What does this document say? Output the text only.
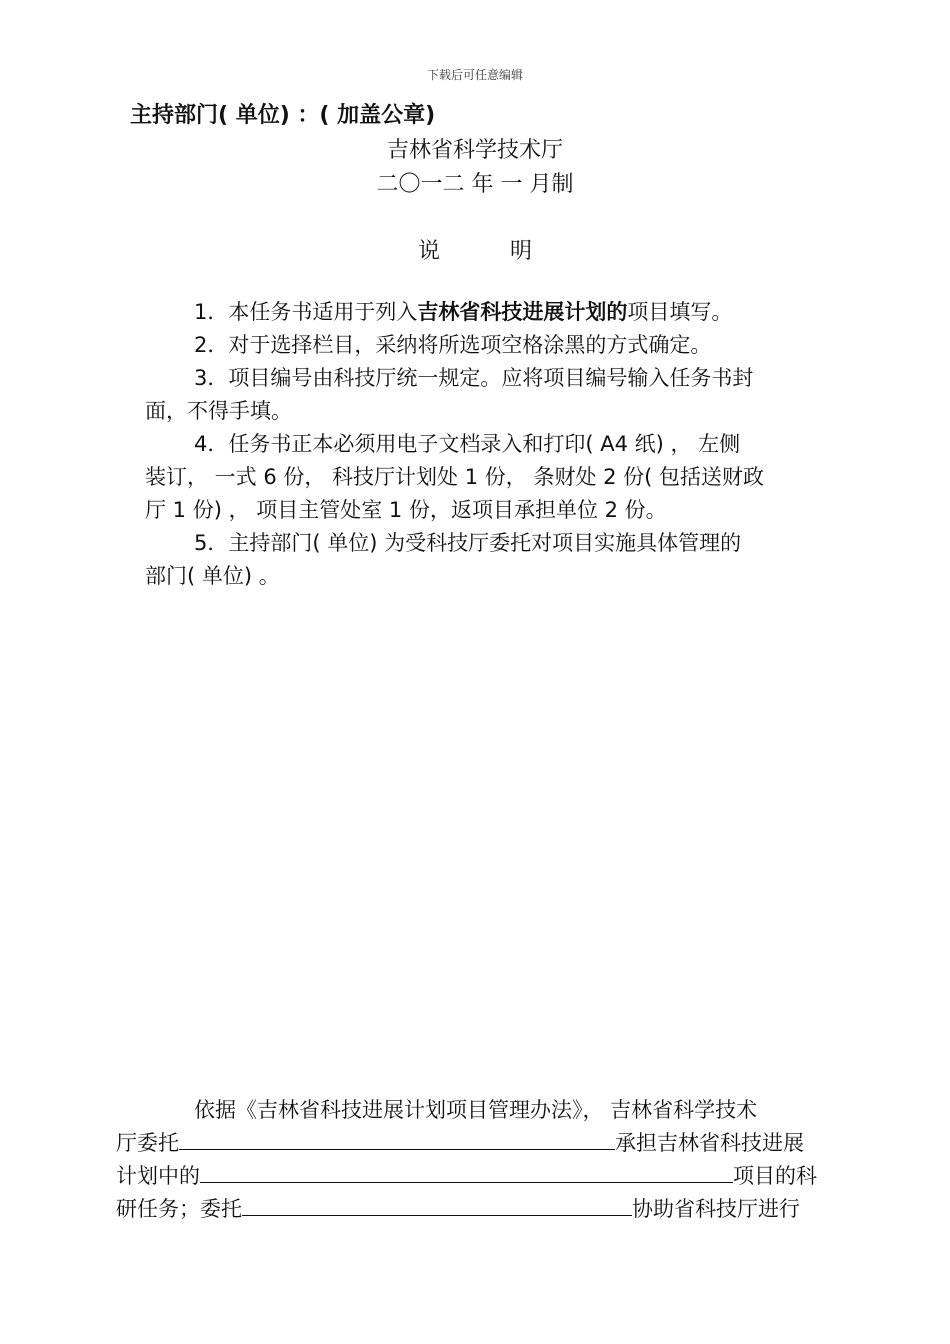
下载后可任意编辑
主持部门( 单位) ：( 加盖公章)
吉林省科学技术厅
二〇一二 年 一 月制
说明
1．本任务书适用于列入吉林省科技进展计划的项目填写。
2．对于选择栏目，采纳将所选项空格涂黑的方式确定。
3．项目编号由科技厅统一规定。应将项目编号输入任务书封
面，不得手填。
4．任务书正本必须用电子文档录入和打印( A4 纸) ， 左侧
装订， 一式 6 份， 科技厅计划处 1 份， 条财处 2 份( 包括送财政
厅 1 份) ， 项目主管处室 1 份，返项目承担单位 2 份。
5．主持部门( 单位) 为受科技厅委托对项目实施具体管理的
部门( 单位) 。
依据《吉林省科技进展计划项目管理办法》， 吉林省科学技术
厅委托	承担吉林省科技进展
计划中的	项目的科
研任务；委托	协助省科技厅进行
